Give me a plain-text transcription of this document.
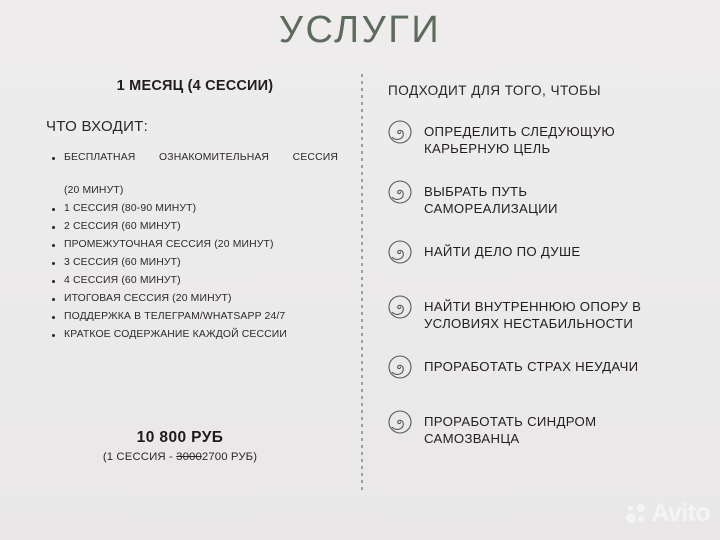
УСЛУГИ
1 МЕСЯЦ (4 СЕССИИ)
ЧТО ВХОДИТ:
БЕСПЛАТНАЯ ОЗНАКОМИТЕЛЬНАЯ СЕССИЯ
(20 МИНУТ)
1 СЕССИЯ (80-90 МИНУТ)
2 СЕССИЯ (60 МИНУТ)
ПРОМЕЖУТОЧНАЯ СЕССИЯ (20 МИНУТ)
3 СЕССИЯ (60 МИНУТ)
4 СЕССИЯ (60 МИНУТ)
ИТОГОВАЯ СЕССИЯ (20 МИНУТ)
ПОДДЕРЖКА В ТЕЛЕГРАМ/WHATSAPP 24/7
КРАТКОЕ СОДЕРЖАНИЕ КАЖДОЙ СЕССИИ
10 800 РУБ
(1 СЕССИЯ - 30002700 РУБ)
ПОДХОДИТ ДЛЯ ТОГО, ЧТОБЫ
ОПРЕДЕЛИТЬ СЛЕДУЮЩУЮ
КАРЬЕРНУЮ ЦЕЛЬ
ВЫБРАТЬ ПУТЬ
САМОРЕАЛИЗАЦИИ
НАЙТИ ДЕЛО ПО ДУШЕ
НАЙТИ ВНУТРЕННЮЮ ОПОРУ В
УСЛОВИЯХ НЕСТАБИЛЬНОСТИ
ПРОРАБОТАТЬ СТРАХ НЕУДАЧИ
ПРОРАБОТАТЬ СИНДРОМ
САМОЗВАНЦА
Avito
